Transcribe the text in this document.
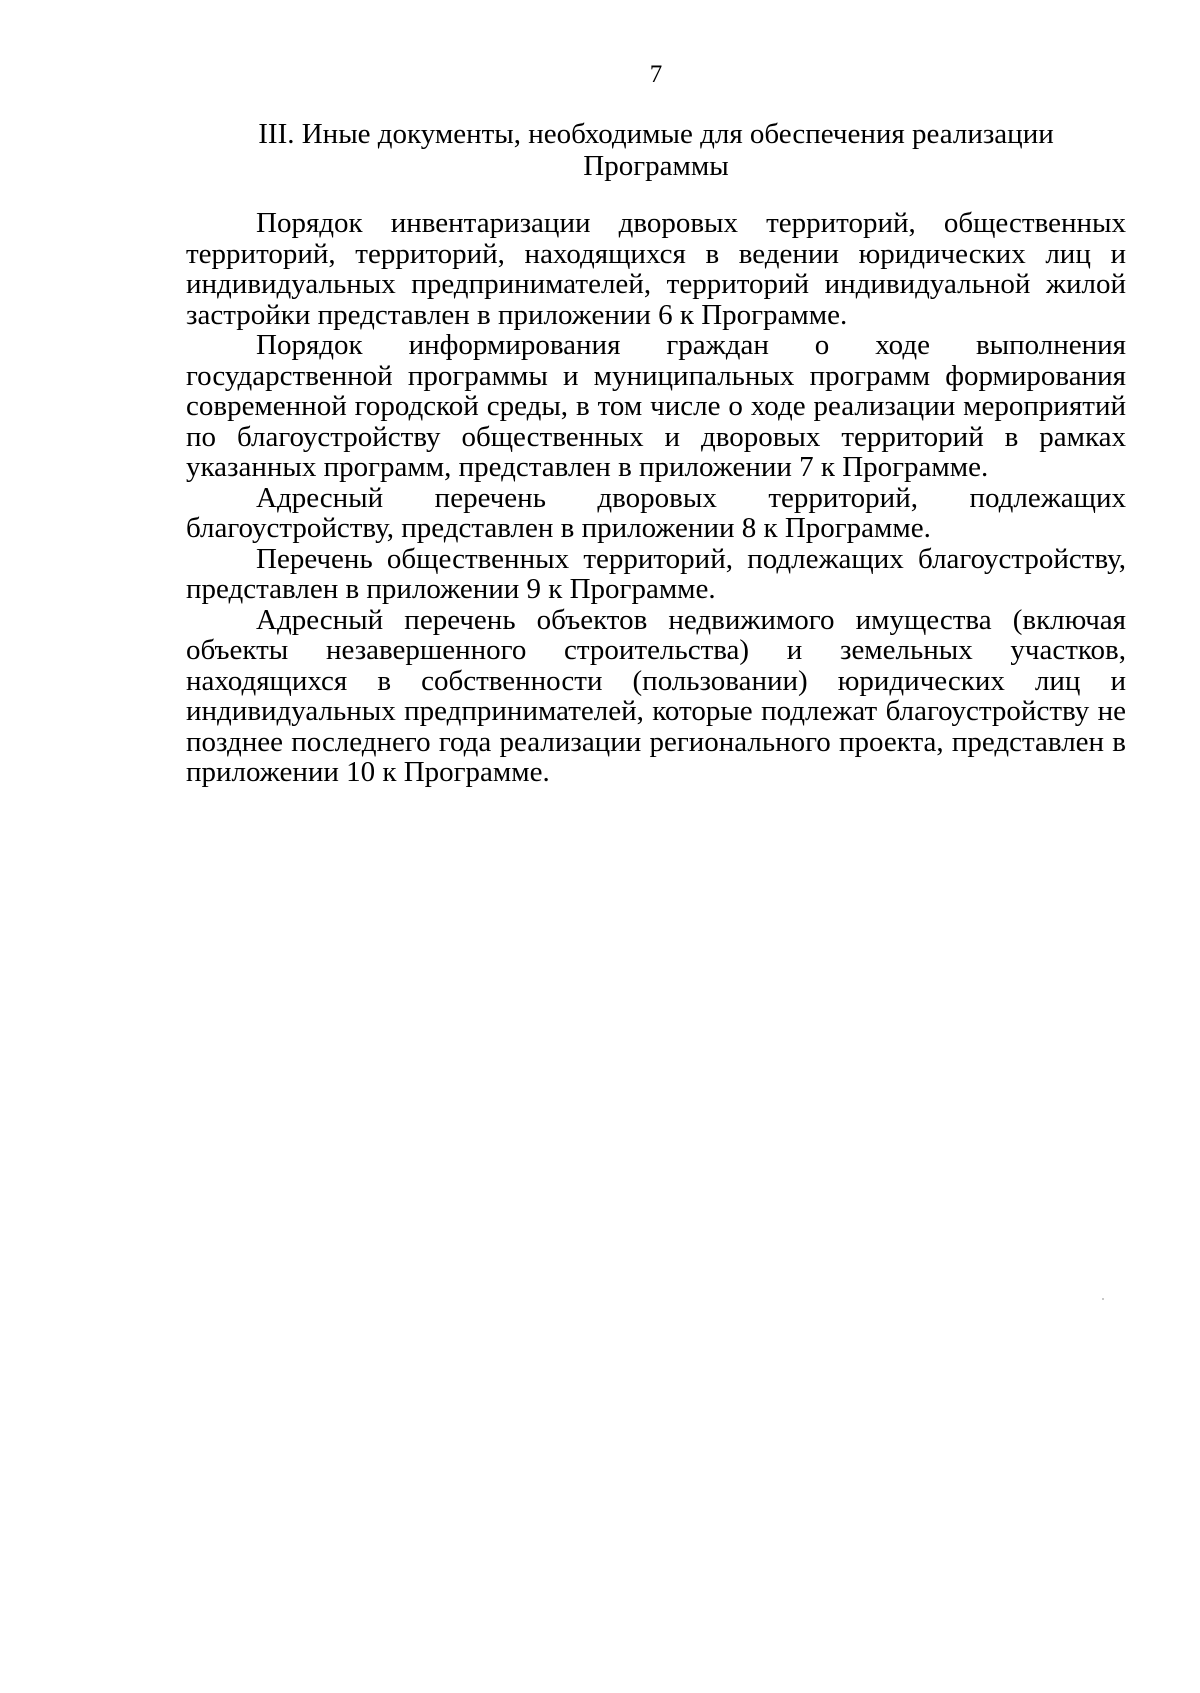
7
III. Иные документы, необходимые для обеспечения реализации
Программы

Порядок инвентаризации дворовых территорий, общественных территорий, территорий, находящихся в ведении юридических лиц и индивидуальных предпринимателей, территорий индивидуальной жилой застройки представлен в приложении 6 к Программе.

Порядок информирования граждан о ходе выполнения государственной программы и муниципальных программ формирования современной городской среды, в том числе о ходе реализации мероприятий по благоустройству общественных и дворовых территорий в рамках указанных программ, представлен в приложении 7 к Программе.

Адресный перечень дворовых территорий, подлежащих благоустройству, представлен в приложении 8 к Программе.

Перечень общественных территорий, подлежащих благоустройству, представлен в приложении 9 к Программе.

Адресный перечень объектов недвижимого имущества (включая объекты незавершенного строительства) и земельных участков, находящихся в собственности (пользовании) юридических лиц и индивидуальных предпринимателей, которые подлежат благоустройству не позднее последнего года реализации регионального проекта, представлен в приложении 10 к Программе.
